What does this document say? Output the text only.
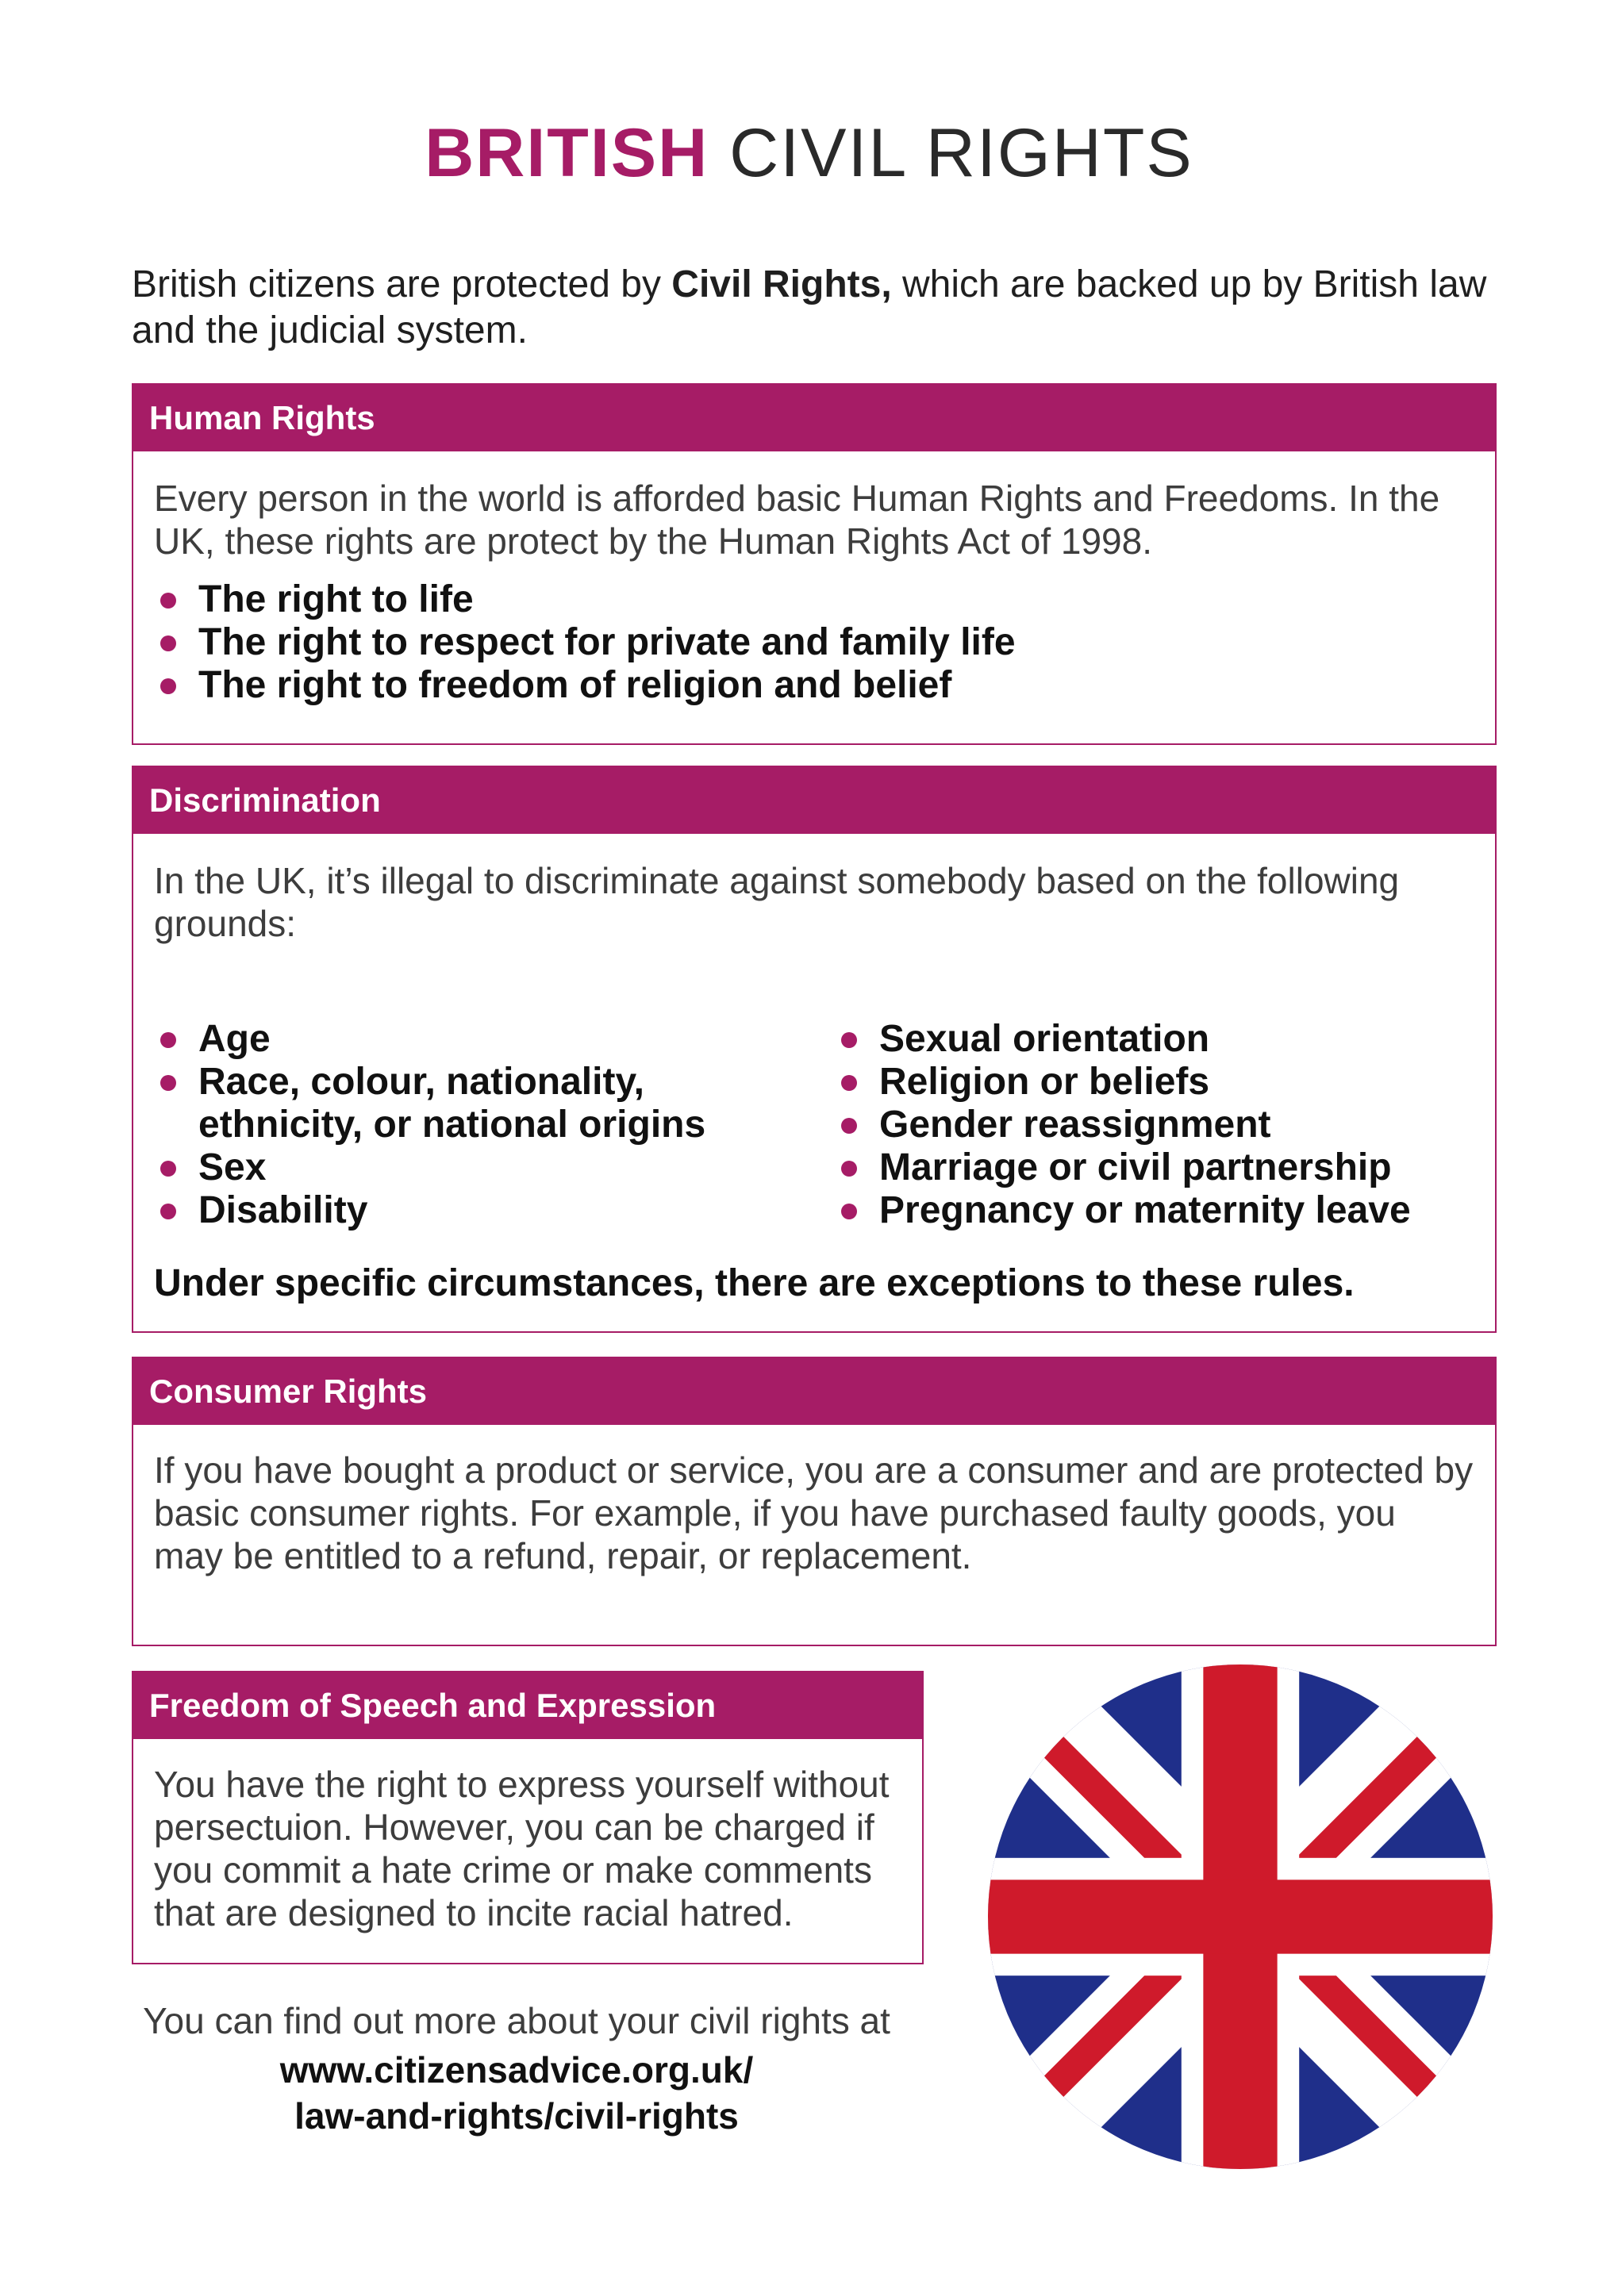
BRITISH CIVIL RIGHTS
British citizens are protected by Civil Rights, which are backed up by British law and the judicial system.
Human Rights
Every person in the world is afforded basic Human Rights and Freedoms. In the UK, these rights are protect by the Human Rights Act of 1998.
The right to life
The right to respect for private and family life
The right to freedom of religion and belief
Discrimination
In the UK, it’s illegal to discriminate against somebody based on the following grounds:
Age
Race, colour, nationality, ethnicity, or national origins
Sex
Disability
Sexual orientation
Religion or beliefs
Gender reassignment
Marriage or civil partnership
Pregnancy or maternity leave
Under specific circumstances, there are exceptions to these rules.
Consumer Rights
If you have bought a product or service, you are a consumer and are protected by basic consumer rights. For example, if you have purchased faulty goods, you may be entitled to a refund, repair, or replacement.
Freedom of Speech and Expression
You have the right to express yourself without persectuion. However, you can be charged if you commit a hate crime or make comments that are designed to incite racial hatred.
You can find out more about your civil rights at
www.citizensadvice.org.uk/
law-and-rights/civil-rights
